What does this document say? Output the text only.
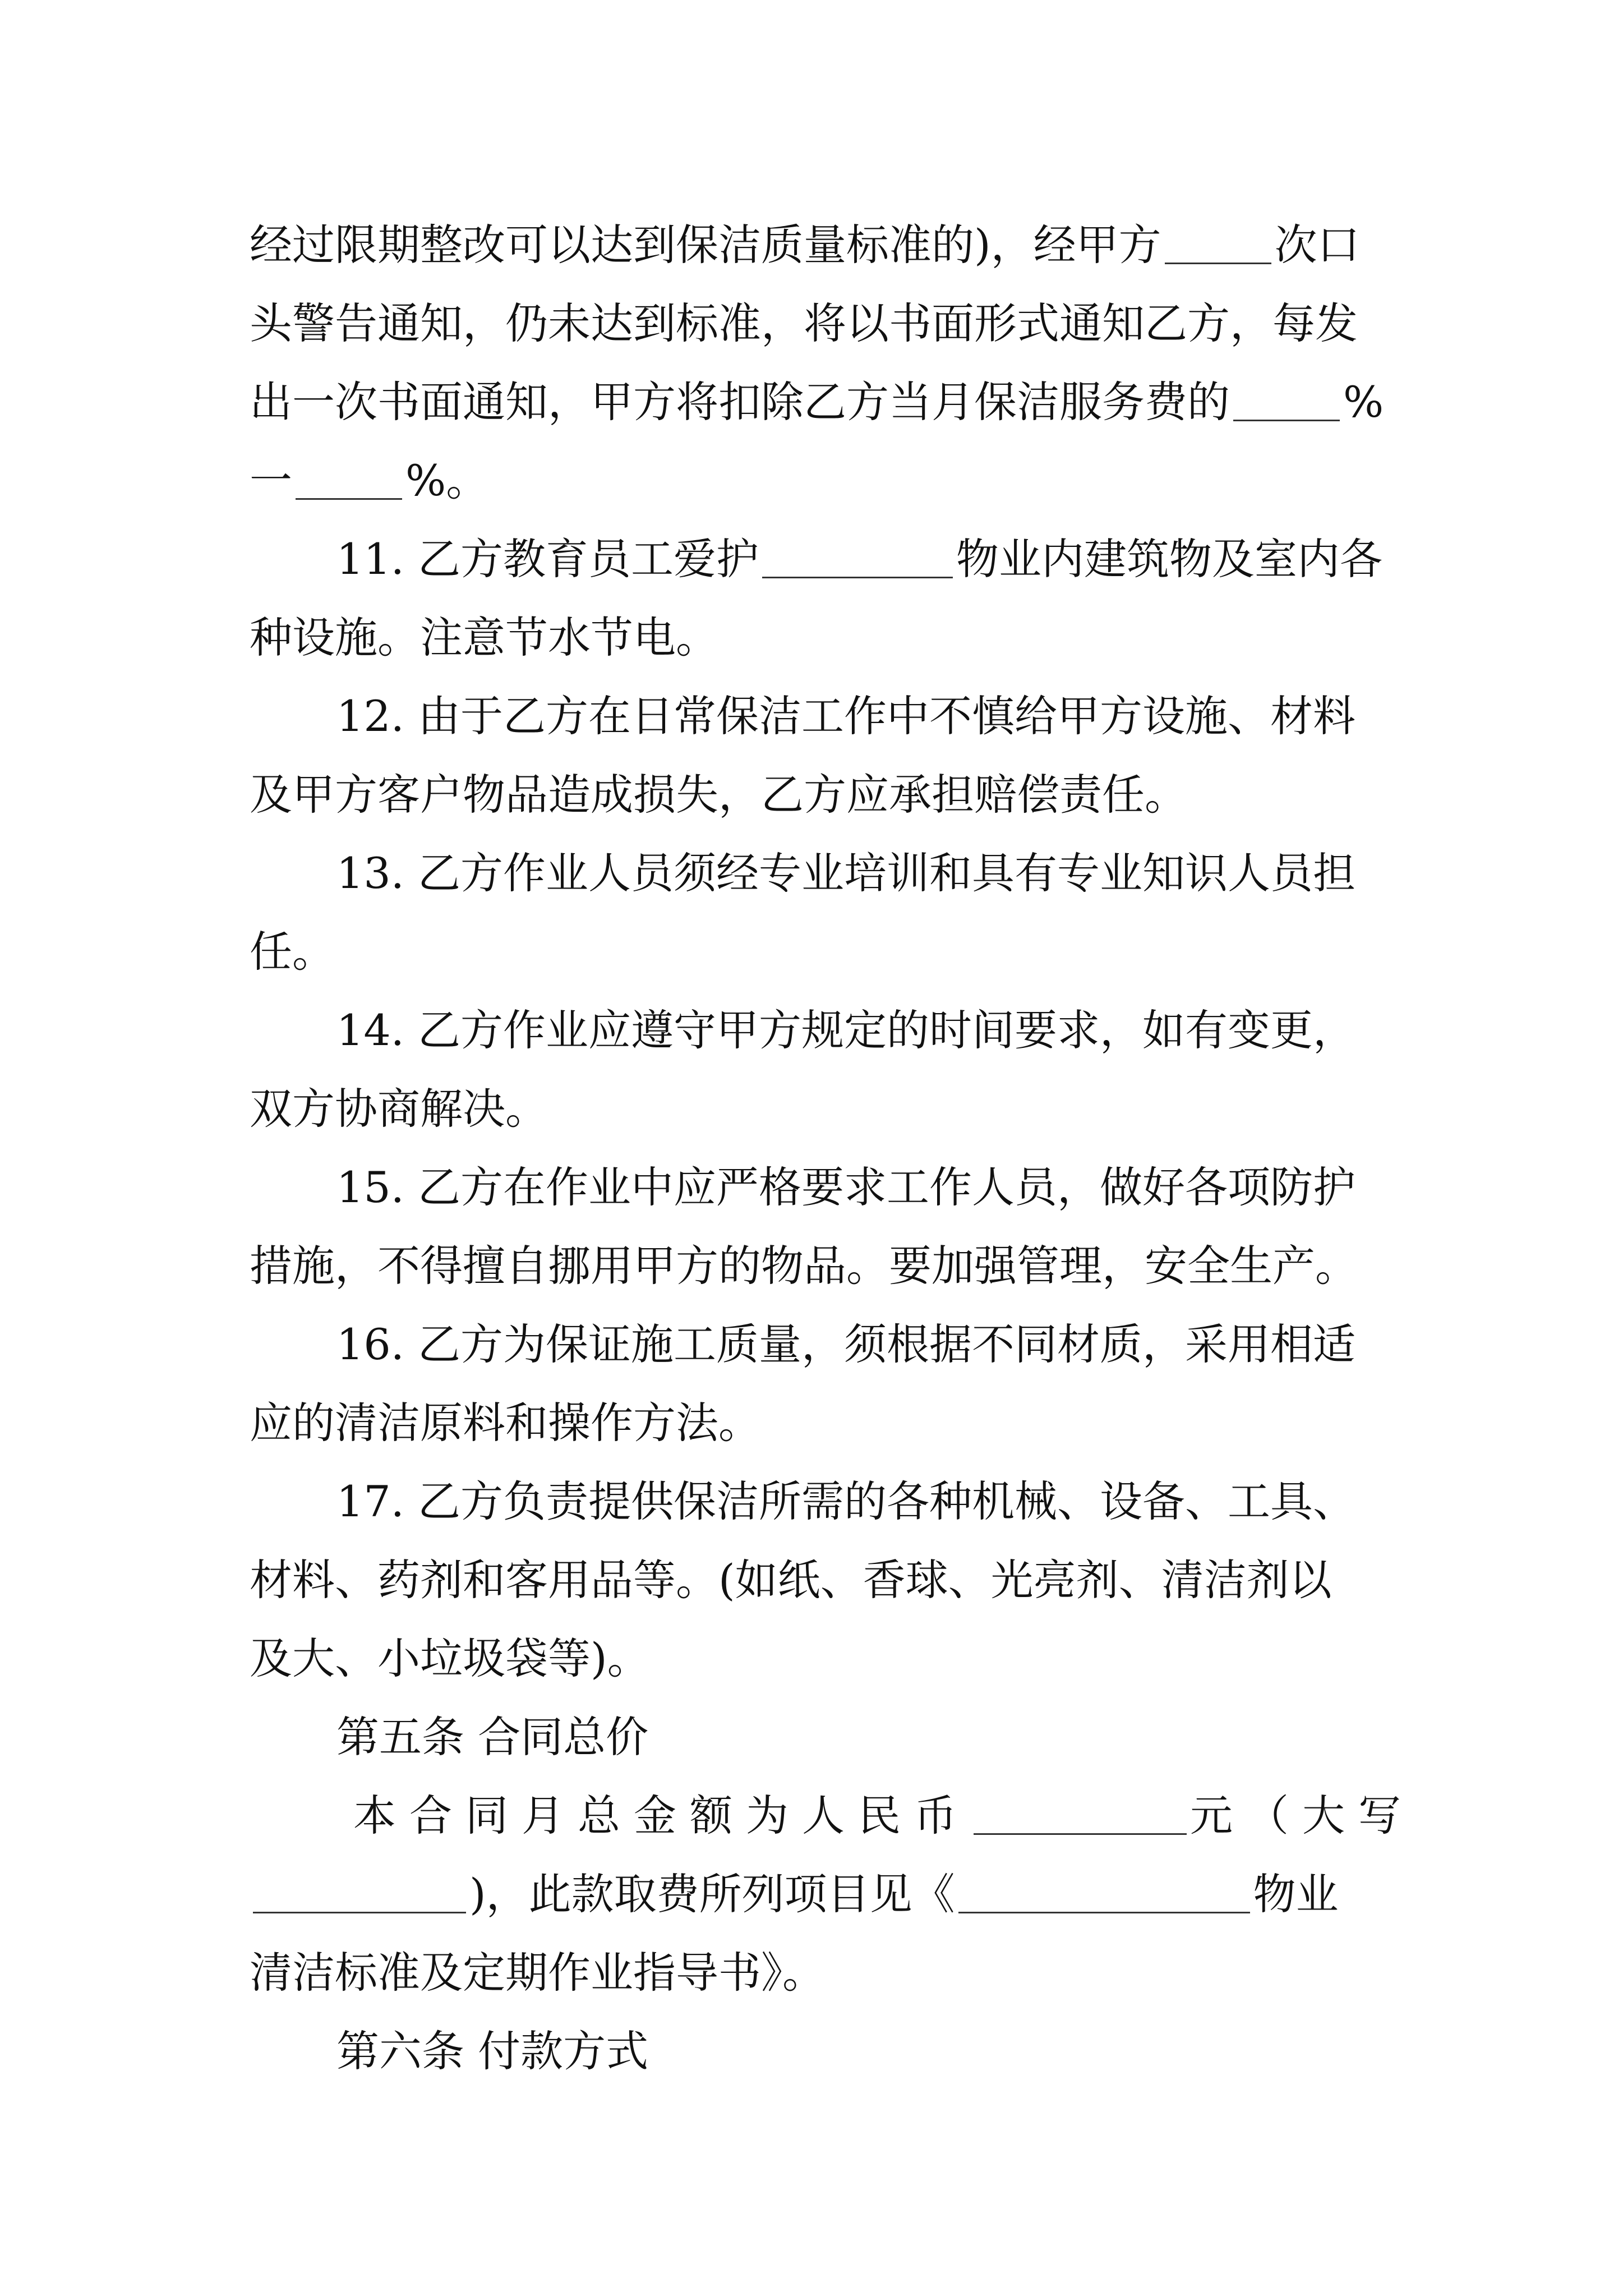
经过限期整改可以达到保洁质量标准的)，经甲方	次口
头警告通知，仍未达到标准，将以书面形式通知乙方，每发
出一次书面通知，甲方将扣除乙方当月保洁服务费的	%
一	%。
11. 乙方教育员工爱护	物业内建筑物及室内各
种设施。注意节水节电。
12. 由于乙方在日常保洁工作中不慎给甲方设施、材料
及甲方客户物品造成损失，乙方应承担赔偿责任。
13. 乙方作业人员须经专业培训和具有专业知识人员担
任。
14. 乙方作业应遵守甲方规定的时间要求，如有变更，
双方协商解决。
15. 乙方在作业中应严格要求工作人员，做好各项防护
措施，不得擅自挪用甲方的物品。要加强管理，安全生产。
16. 乙方为保证施工质量，须根据不同材质，采用相适
应的清洁原料和操作方法。
17. 乙方负责提供保洁所需的各种机械、设备、工具、
材料、药剂和客用品等。(如纸、香球、光亮剂、清洁剂以
及大、小垃圾袋等)。
第五条 合同总价
本合同月总金额为人民币	元（大写
)，此款取费所列项目见《	物业
清洁标准及定期作业指导书》。
第六条 付款方式
